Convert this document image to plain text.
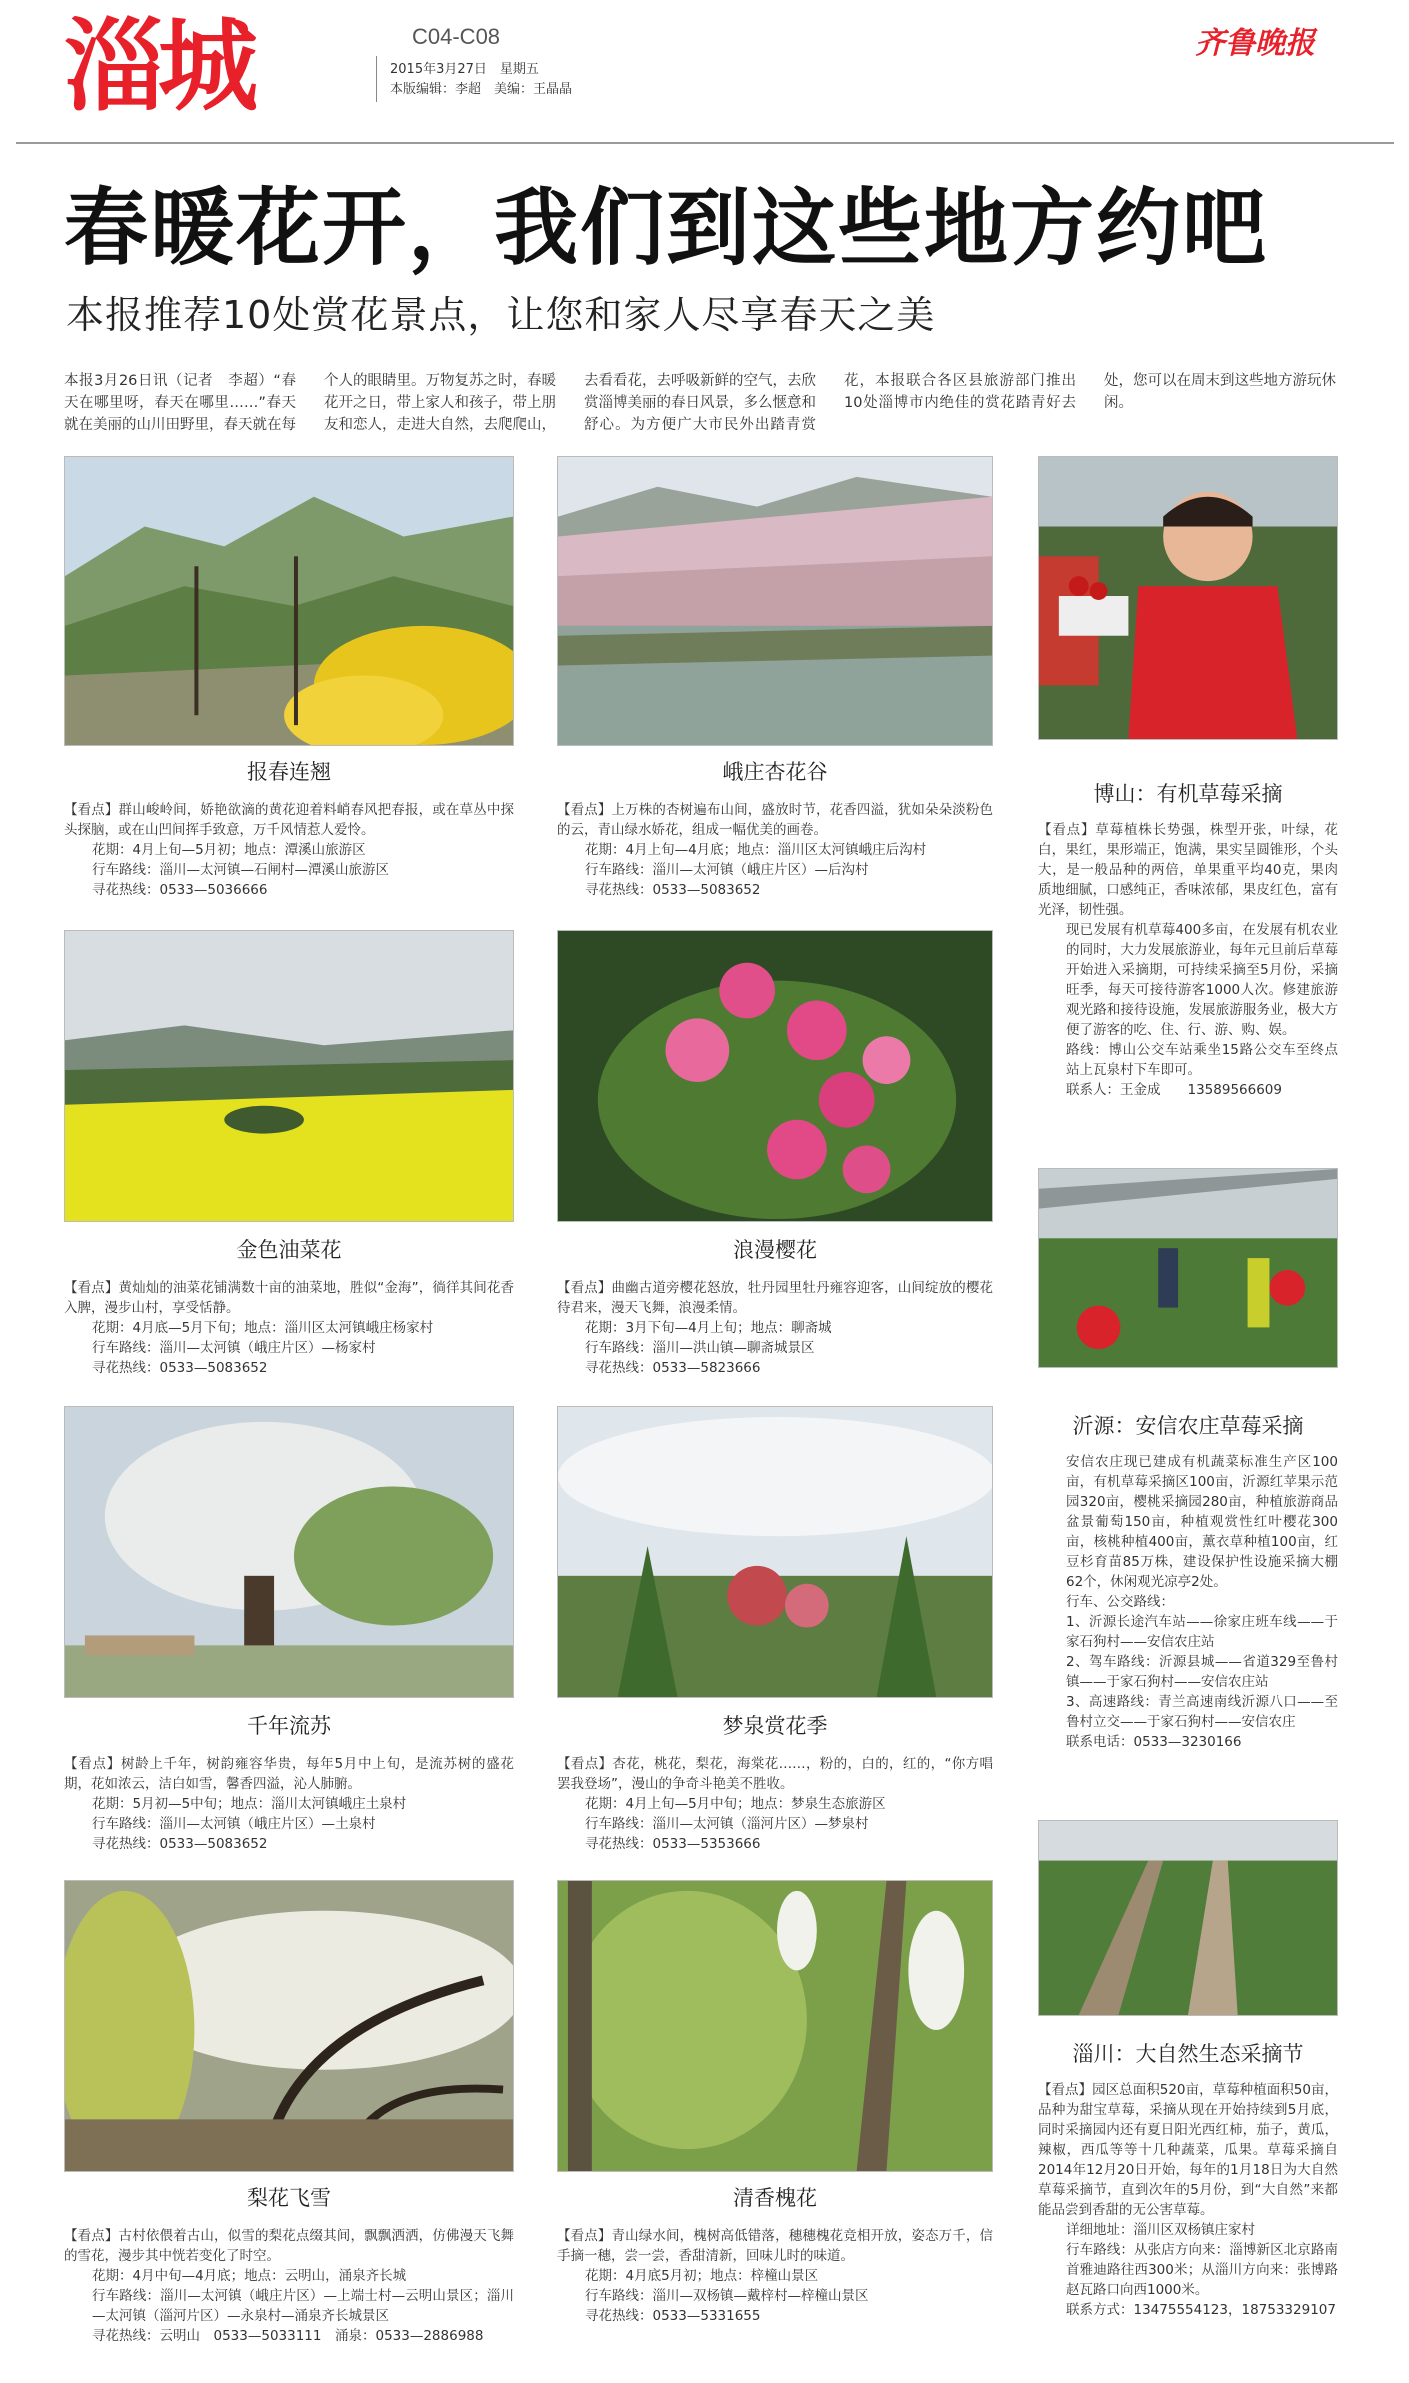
淄城	C04-C08
2015年3月27日　星期五
本版编辑：李超　美编：王晶晶
齐鲁晚报
春暖花开，我们到这些地方约吧
本报推荐10处赏花景点，让您和家人尽享春天之美
本报3月26日讯（记者　李超）“春天在哪里呀，春天在哪里……”春天就在美丽的山川田野里，春天就在每个人的眼睛里。万物复苏之时，春暖花开之日，带上家人和孩子，带上朋友和恋人，走进大自然，去爬爬山，去看看花，去呼吸新鲜的空气，去欣赏淄博美丽的春日风景，多么惬意和舒心。为方便广大市民外出踏青赏花，本报联合各区县旅游部门推出10处淄博市内绝佳的赏花踏青好去处，您可以在周末到这些地方游玩休闲。
报春连翘	峨庄杏花谷

【看点】群山峻岭间，娇艳欲滴的黄花迎着料峭春风把春报，或在草丛中探头探脑，或在山凹间挥手致意，万千风情惹人爱怜。

花期：4月上旬—5月初；地点：潭溪山旅游区

行车路线：淄川—太河镇—石闸村—潭溪山旅游区

寻花热线：0533—5036666

【看点】上万株的杏树遍布山间，盛放时节，花香四溢，犹如朵朵淡粉色的云，青山绿水娇花，组成一幅优美的画卷。

花期：4月上旬—4月底；地点：淄川区太河镇峨庄后沟村

行车路线：淄川—太河镇（峨庄片区）—后沟村

寻花热线：0533—5083652

博山：有机草莓采摘

【看点】草莓植株长势强，株型开张，叶绿，花白，果红，果形端正，饱满，果实呈圆锥形，个头大，是一般品种的两倍，单果重平均40克，果肉质地细腻，口感纯正，香味浓郁，果皮红色，富有光泽，韧性强。

现已发展有机草莓400多亩，在发展有机农业的同时，大力发展旅游业，每年元旦前后草莓开始进入采摘期，可持续采摘至5月份，采摘旺季，每天可接待游客1000人次。修建旅游观光路和接待设施，发展旅游服务业，极大方便了游客的吃、住、行、游、购、娱。

路线：博山公交车站乘坐15路公交车至终点站上瓦泉村下车即可。

联系人：王金成　　13589566609

金色油菜花	浪漫樱花

【看点】黄灿灿的油菜花铺满数十亩的油菜地，胜似“金海”，徜徉其间花香入脾，漫步山村，享受恬静。

花期：4月底—5月下旬；地点：淄川区太河镇峨庄杨家村

行车路线：淄川—太河镇（峨庄片区）—杨家村

寻花热线：0533—5083652

【看点】曲幽古道旁樱花怒放，牡丹园里牡丹雍容迎客，山间绽放的樱花待君来，漫天飞舞，浪漫柔情。

花期：3月下旬—4月上旬；地点：聊斋城

行车路线：淄川—洪山镇—聊斋城景区

寻花热线：0533—5823666

沂源：安信农庄草莓采摘

安信农庄现已建成有机蔬菜标准生产区100亩，有机草莓采摘区100亩，沂源红苹果示范园320亩，樱桃采摘园280亩，种植旅游商品盆景葡萄150亩，种植观赏性红叶樱花300亩，核桃种植400亩，薰衣草种植100亩，红豆杉育苗85万株，建设保护性设施采摘大棚62个，休闲观光凉亭2处。

行车、公交路线：

1、沂源长途汽车站——徐家庄班车线——于家石狗村——安信农庄站

2、驾车路线：沂源县城——省道329至鲁村镇——于家石狗村——安信农庄站

3、高速路线：青兰高速南线沂源八口——至鲁村立交——于家石狗村——安信农庄

联系电话：0533—3230166

千年流苏	梦泉赏花季

【看点】树龄上千年，树韵雍容华贵，每年5月中上旬，是流苏树的盛花期，花如浓云，洁白如雪，馨香四溢，沁人肺腑。

花期：5月初—5中旬；地点：淄川太河镇峨庄土泉村

行车路线：淄川—太河镇（峨庄片区）—土泉村

寻花热线：0533—5083652

【看点】杏花，桃花，梨花，海棠花……，粉的，白的，红的，“你方唱罢我登场”，漫山的争奇斗艳美不胜收。

花期：4月上旬—5月中旬；地点：梦泉生态旅游区

行车路线：淄川—太河镇（淄河片区）—梦泉村

寻花热线：0533—5353666

淄川：大自然生态采摘节

【看点】园区总面积520亩，草莓种植面积50亩，品种为甜宝草莓，采摘从现在开始持续到5月底，同时采摘园内还有夏日阳光西红柿，茄子，黄瓜，辣椒，西瓜等等十几种蔬菜，瓜果。草莓采摘自2014年12月20日开始，每年的1月18日为大自然草莓采摘节，直到次年的5月份，到“大自然”来都能品尝到香甜的无公害草莓。

详细地址：淄川区双杨镇庄家村

行车路线：从张店方向来：淄博新区北京路南首雅迪路往西300米；从淄川方向来：张博路赵瓦路口向西1000米。

联系方式：13475554123，18753329107

梨花飞雪	清香槐花

【看点】古村依偎着古山，似雪的梨花点缀其间，飘飘洒洒，仿佛漫天飞舞的雪花，漫步其中恍若变化了时空。

花期：4月中旬—4月底；地点：云明山，涌泉齐长城

行车路线：淄川—太河镇（峨庄片区）—上端士村—云明山景区；淄川—太河镇（淄河片区）—永泉村—涌泉齐长城景区

寻花热线：云明山　0533—5033111　涌泉：0533—2886988

【看点】青山绿水间，槐树高低错落，穗穗槐花竞相开放，姿态万千，信手摘一穗，尝一尝，香甜清新，回味儿时的味道。

花期：4月底5月初；地点：梓橦山景区

行车路线：淄川—双杨镇—戴梓村—梓橦山景区

寻花热线：0533—5331655
